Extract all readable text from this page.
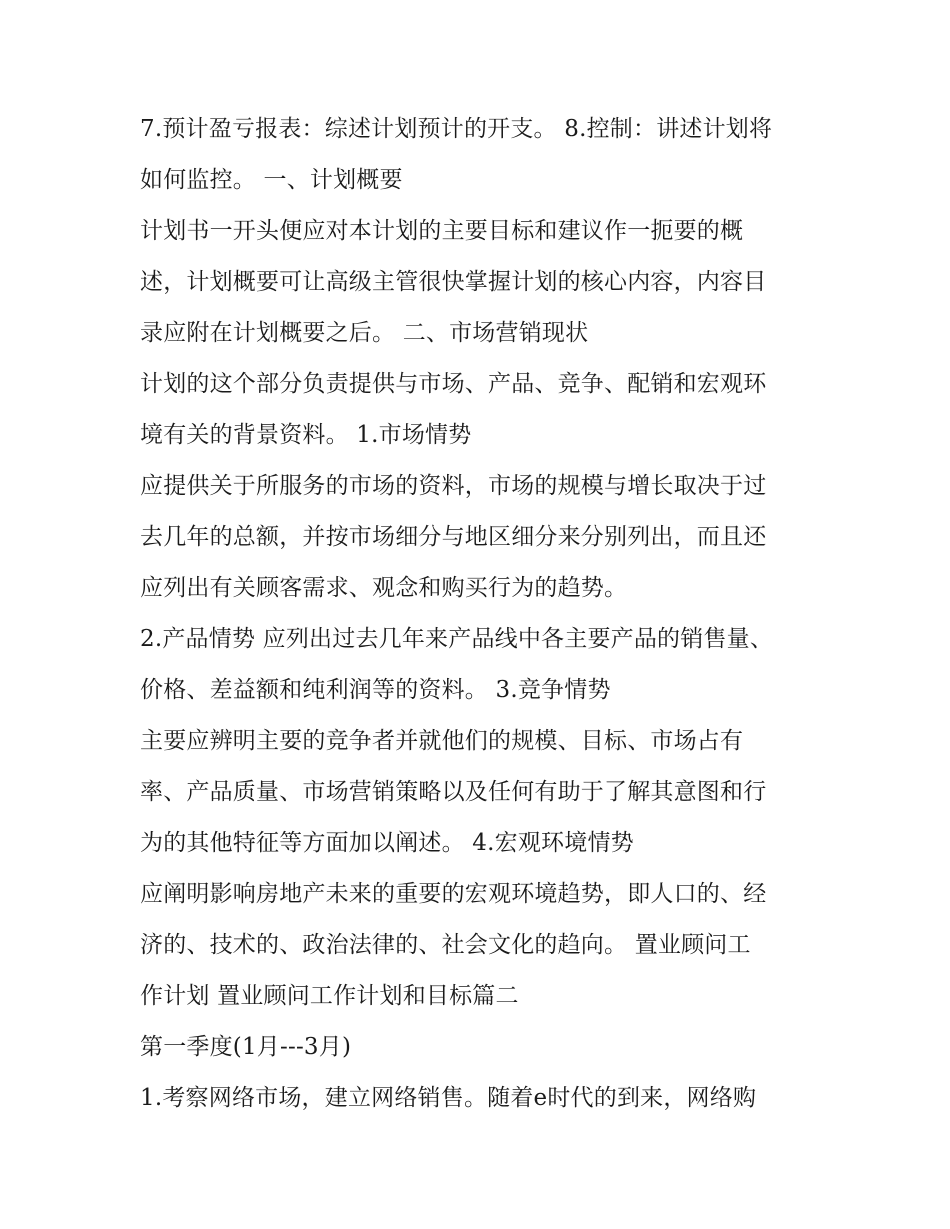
7.预计盈亏报表：综述计划预计的开支。 8.控制：讲述计划将
如何监控。 一、计划概要
计划书一开头便应对本计划的主要目标和建议作一扼要的概
述，计划概要可让高级主管很快掌握计划的核心内容，内容目
录应附在计划概要之后。 二、市场营销现状
计划的这个部分负责提供与市场、产品、竞争、配销和宏观环
境有关的背景资料。 1.市场情势
应提供关于所服务的市场的资料，市场的规模与增长取决于过
去几年的总额，并按市场细分与地区细分来分别列出，而且还
应列出有关顾客需求、观念和购买行为的趋势。
2.产品情势 应列出过去几年来产品线中各主要产品的销售量、
价格、差益额和纯利润等的资料。 3.竞争情势
主要应辨明主要的竞争者并就他们的规模、目标、市场占有
率、产品质量、市场营销策略以及任何有助于了解其意图和行
为的其他特征等方面加以阐述。 4.宏观环境情势
应阐明影响房地产未来的重要的宏观环境趋势，即人口的、经
济的、技术的、政治法律的、社会文化的趋向。 置业顾问工
作计划 置业顾问工作计划和目标篇二
第一季度(1月---3月)
1.考察网络市场，建立网络销售。随着e时代的到来，网络购
